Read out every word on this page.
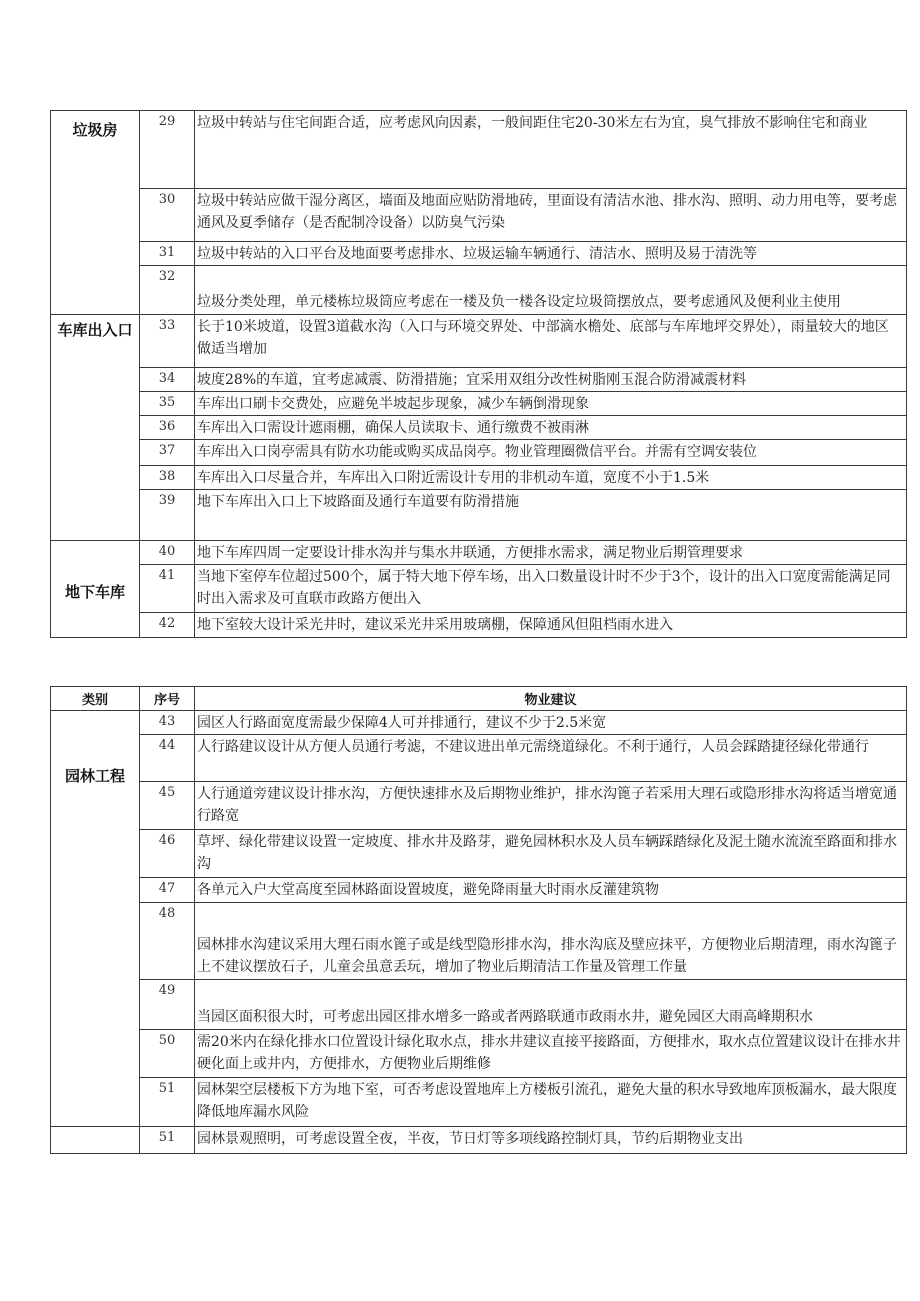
垃圾房	29	垃圾中转站与住宅间距合适，应考虑风向因素，一般间距住宅20-30米左右为宜，臭气排放不影响住宅和商业
	30	垃圾中转站应做干湿分离区，墙面及地面应贴防滑地砖，里面设有清洁水池、排水沟、照明、动力用电等，要考虑通风及夏季储存（是否配制冷设备）以防臭气污染
	31	垃圾中转站的入口平台及地面要考虑排水、垃圾运输车辆通行、清洁水、照明及易于清洗等
	32	垃圾分类处理，单元楼栋垃圾筒应考虑在一楼及负一楼各设定垃圾筒摆放点，要考虑通风及便利业主使用

车库出入口	33	长于10米坡道，设置3道截水沟（入口与环境交界处、中部滴水檐处、底部与车库地坪交界处），雨量较大的地区做适当增加
	34	坡度28%的车道，宜考虑减震、防滑措施；宜采用双组分改性树脂刚玉混合防滑减震材料
	35	车库出口刷卡交费处，应避免半坡起步现象，减少车辆倒滑现象
	36	车库出入口需设计遮雨棚，确保人员读取卡、通行缴费不被雨淋
	37	车库出入口岗亭需具有防水功能或购买成品岗亭。物业管理圈微信平台。并需有空调安装位
	38	车库出入口尽量合并，车库出入口附近需设计专用的非机动车道，宽度不小于1.5米
	39	地下车库出入口上下坡路面及通行车道要有防滑措施

地下车库	40	地下车库四周一定要设计排水沟并与集水井联通，方便排水需求，满足物业后期管理要求
	41	当地下室停车位超过500个，属于特大地下停车场，出入口数量设计时不少于3个，设计的出入口宽度需能满足同时出入需求及可直联市政路方便出入
	42	地下室较大设计采光井时，建议采光井采用玻璃棚，保障通风但阻档雨水进入
类别	序号	物业建议

园林工程	43	园区人行路面宽度需最少保障4人可并排通行，建议不少于2.5米宽
	44	人行路建议设计从方便人员通行考滤，不建议进出单元需绕道绿化。不利于通行，人员会踩踏捷径绿化带通行
	45	人行通道旁建议设计排水沟，方便快速排水及后期物业维护，排水沟篦子若采用大理石或隐形排水沟将适当增宽通行路宽
	46	草坪、绿化带建议设置一定坡度、排水井及路芽，避免园林积水及人员车辆踩踏绿化及泥土随水流流至路面和排水沟
	47	各单元入户大堂高度至园林路面设置坡度，避免降雨量大时雨水反灌建筑物
	48	园林排水沟建议采用大理石雨水篦子或是线型隐形排水沟，排水沟底及壁应抹平，方便物业后期清理，雨水沟篦子上不建议摆放石子，儿童会虽意丢玩，增加了物业后期清洁工作量及管理工作量
	49	当园区面积很大时，可考虑出园区排水增多一路或者两路联通市政雨水井，避免园区大雨高峰期积水
	50	需20米内在绿化排水口位置设计绿化取水点，排水井建议直接平接路面，方便排水，取水点位置建议设计在排水井硬化面上或井内，方便排水，方便物业后期维修
	51	园林架空层楼板下方为地下室，可否考虑设置地库上方楼板引流孔，避免大量的积水导致地库顶板漏水，最大限度降低地库漏水风险
	51	园林景观照明，可考虑设置全夜，半夜，节日灯等多项线路控制灯具，节约后期物业支出
